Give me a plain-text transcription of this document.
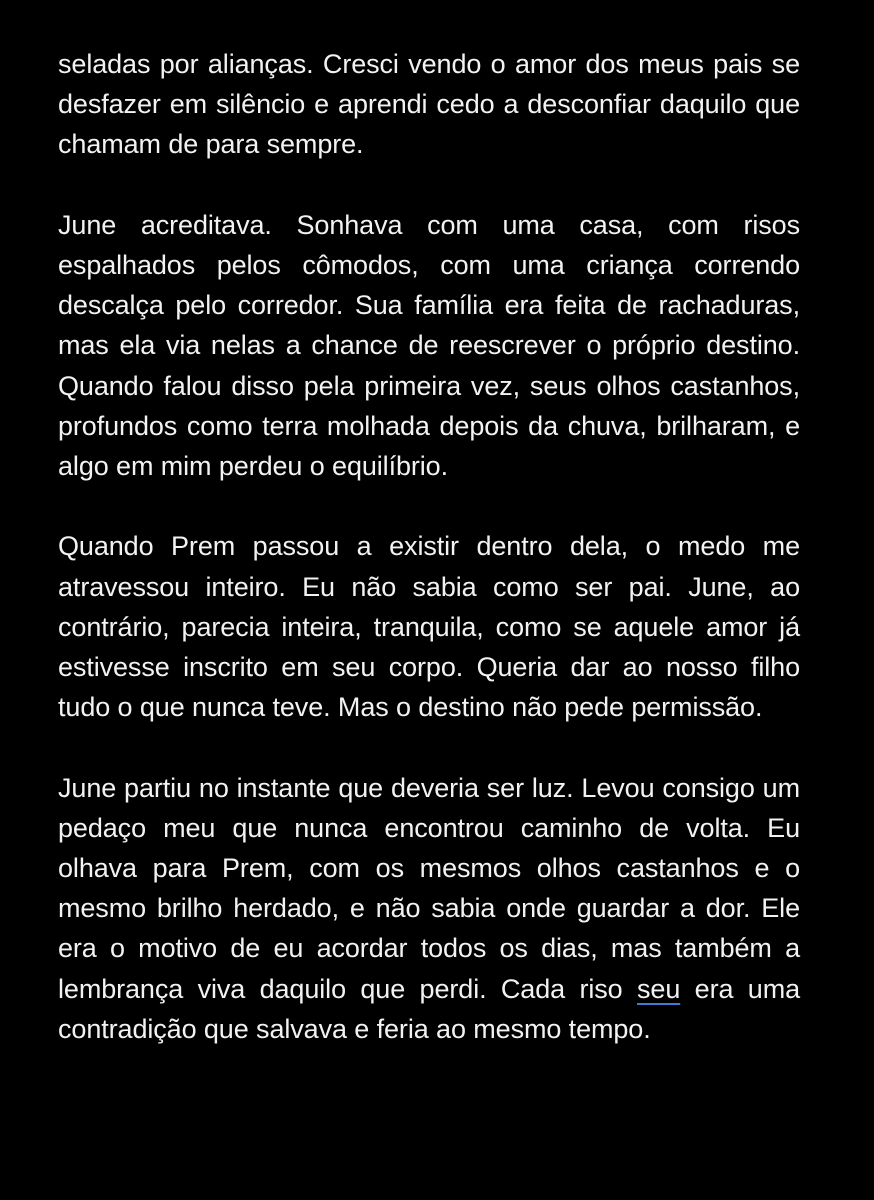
seladas por alianças. Cresci vendo o amor dos meus pais se desfazer em silêncio e aprendi cedo a desconfiar daquilo que chamam de para sempre.

June acreditava. Sonhava com uma casa, com risos espalhados pelos cômodos, com uma criança correndo descalça pelo corredor. Sua família era feita de rachaduras, mas ela via nelas a chance de reescrever o próprio destino. Quando falou disso pela primeira vez, seus olhos castanhos, profundos como terra molhada depois da chuva, brilharam, e algo em mim perdeu o equilíbrio.

Quando Prem passou a existir dentro dela, o medo me atravessou inteiro. Eu não sabia como ser pai. June, ao contrário, parecia inteira, tranquila, como se aquele amor já estivesse inscrito em seu corpo. Queria dar ao nosso filho tudo o que nunca teve. Mas o destino não pede permissão.

June partiu no instante que deveria ser luz. Levou consigo um pedaço meu que nunca encontrou caminho de volta. Eu olhava para Prem, com os mesmos olhos castanhos e o mesmo brilho herdado, e não sabia onde guardar a dor. Ele era o motivo de eu acordar todos os dias, mas também a lembrança viva daquilo que perdi. Cada riso seu era uma contradição que salvava e feria ao mesmo tempo.
